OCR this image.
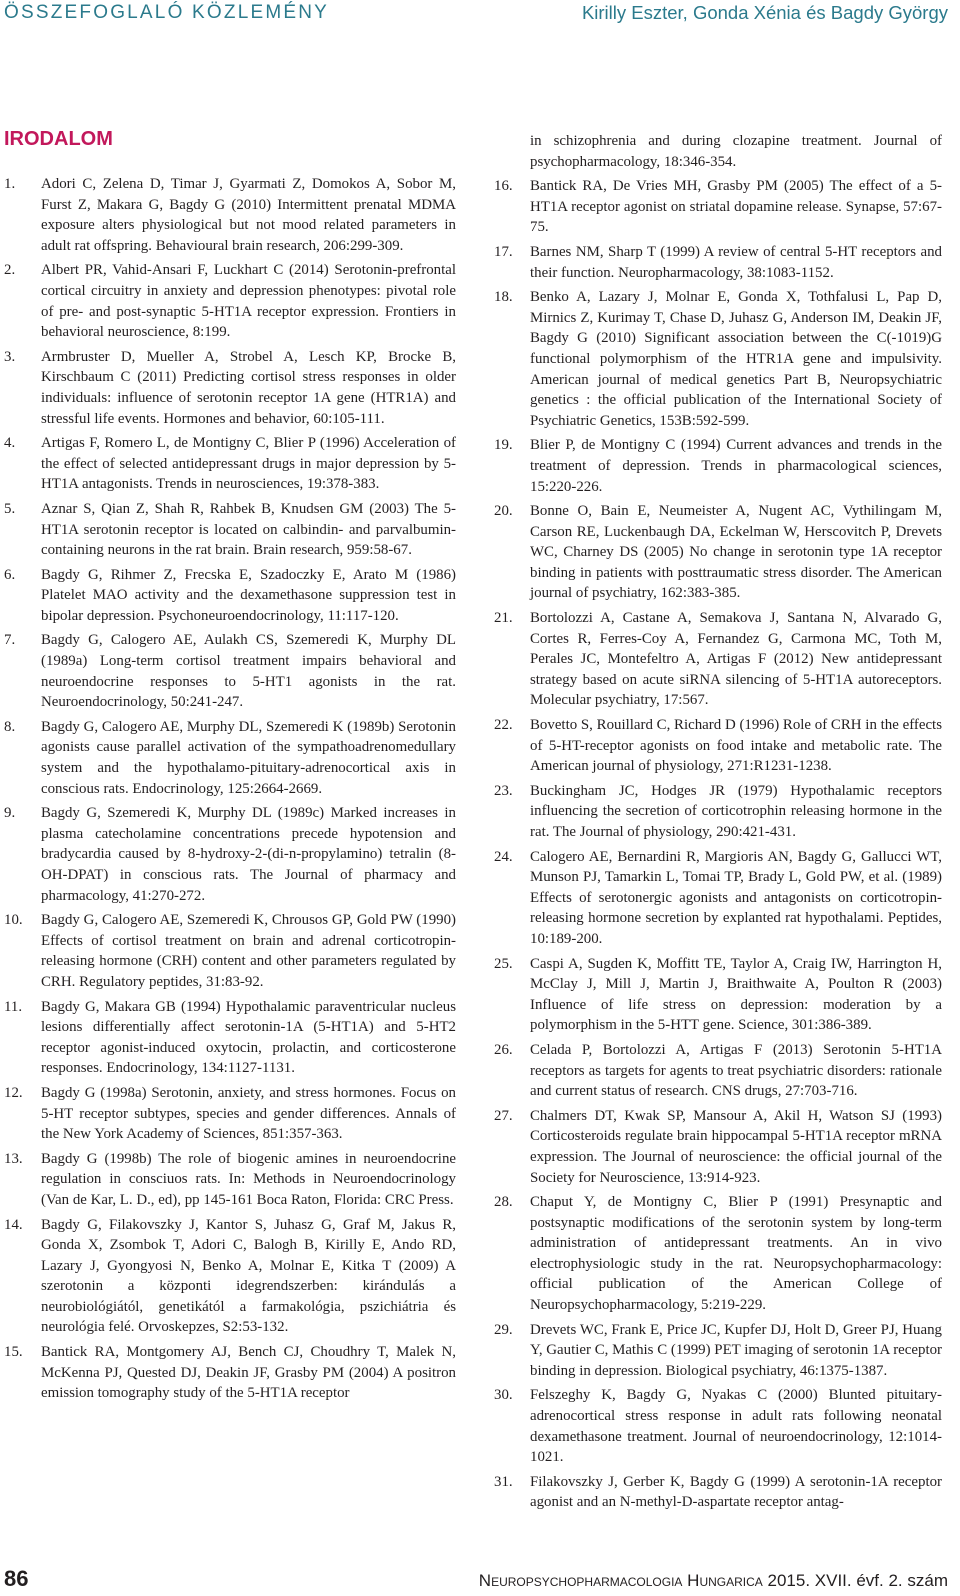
ÖSSZEFOGLALÓ KÖZLEMÉNY	Kirilly Eszter, Gonda Xénia és Bagdy György
IRODALOM
1.	Adori C, Zelena D, Timar J, Gyarmati Z, Domokos A, Sobor M, Furst Z, Makara G, Bagdy G (2010) Intermittent prenatal MDMA exposure alters physiological but not mood related parameters in adult rat offspring. Behavioural brain research, 206:299-309.
2.	Albert PR, Vahid-Ansari F, Luckhart C (2014) Serotonin-prefrontal cortical circuitry in anxiety and depression phenotypes: pivotal role of pre- and post-synaptic 5-HT1A receptor expression. Frontiers in behavioral neuroscience, 8:199.
3.	Armbruster D, Mueller A, Strobel A, Lesch KP, Brocke B, Kirschbaum C (2011) Predicting cortisol stress responses in older individuals: influence of serotonin receptor 1A gene (HTR1A) and stressful life events. Hormones and behavior, 60:105-111.
4.	Artigas F, Romero L, de Montigny C, Blier P (1996) Acceleration of the effect of selected antidepressant drugs in major depression by 5-HT1A antagonists. Trends in neurosciences, 19:378-383.
5.	Aznar S, Qian Z, Shah R, Rahbek B, Knudsen GM (2003) The 5-HT1A serotonin receptor is located on calbindin- and parvalbumin-containing neurons in the rat brain. Brain research, 959:58-67.
6.	Bagdy G, Rihmer Z, Frecska E, Szadoczky E, Arato M (1986) Platelet MAO activity and the dexamethasone suppression test in bipolar depression. Psychoneuroendocrinology, 11:117-120.
7.	Bagdy G, Calogero AE, Aulakh CS, Szemeredi K, Murphy DL (1989a) Long-term cortisol treatment impairs behavioral and neuroendocrine responses to 5-HT1 agonists in the rat. Neuroendocrinology, 50:241-247.
8.	Bagdy G, Calogero AE, Murphy DL, Szemeredi K (1989b) Serotonin agonists cause parallel activation of the sympathoadrenomedullary system and the hypothalamo-pituitary-adrenocortical axis in conscious rats. Endocrinology, 125:2664-2669.
9.	Bagdy G, Szemeredi K, Murphy DL (1989c) Marked increases in plasma catecholamine concentrations precede hypotension and bradycardia caused by 8-hydroxy-2-(di-n-propylamino) tetralin (8-OH-DPAT) in conscious rats. The Journal of pharmacy and pharmacology, 41:270-272.
10.	Bagdy G, Calogero AE, Szemeredi K, Chrousos GP, Gold PW (1990) Effects of cortisol treatment on brain and adrenal corticotropin-releasing hormone (CRH) content and other parameters regulated by CRH. Regulatory peptides, 31:83-92.
11.	Bagdy G, Makara GB (1994) Hypothalamic paraventricular nucleus lesions differentially affect serotonin-1A (5-HT1A) and 5-HT2 receptor agonist-induced oxytocin, prolactin, and corticosterone responses. Endocrinology, 134:1127-1131.
12.	Bagdy G (1998a) Serotonin, anxiety, and stress hormones. Focus on 5-HT receptor subtypes, species and gender differences. Annals of the New York Academy of Sciences, 851:357-363.
13.	Bagdy G (1998b) The role of biogenic amines in neuroendocrine regulation in consciuos rats. In: Methods in Neuroendocrinology (Van de Kar, L. D., ed), pp 145-161 Boca Raton, Florida: CRC Press.
14.	Bagdy G, Filakovszky J, Kantor S, Juhasz G, Graf M, Jakus R, Gonda X, Zsombok T, Adori C, Balogh B, Kirilly E, Ando RD, Lazary J, Gyongyosi N, Benko A, Molnar E, Kitka T (2009) A szerotonin a központi idegrendszerben: kirándulás a neurobiológiától, genetikától a farmakológia, pszichiátria és neurológia felé. Orvoskepzes, S2:53-132.
15.	Bantick RA, Montgomery AJ, Bench CJ, Choudhry T, Malek N, McKenna PJ, Quested DJ, Deakin JF, Grasby PM (2004) A positron emission tomography study of the 5-HT1A receptor
in schizophrenia and during clozapine treatment. Journal of psychopharmacology, 18:346-354.
16.	Bantick RA, De Vries MH, Grasby PM (2005) The effect of a 5-HT1A receptor agonist on striatal dopamine release. Synapse, 57:67-75.
17.	Barnes NM, Sharp T (1999) A review of central 5-HT receptors and their function. Neuropharmacology, 38:1083-1152.
18.	Benko A, Lazary J, Molnar E, Gonda X, Tothfalusi L, Pap D, Mirnics Z, Kurimay T, Chase D, Juhasz G, Anderson IM, Deakin JF, Bagdy G (2010) Significant association between the C(-1019)G functional polymorphism of the HTR1A gene and impulsivity. American journal of medical genetics Part B, Neuropsychiatric genetics : the official publication of the International Society of Psychiatric Genetics, 153B:592-599.
19.	Blier P, de Montigny C (1994) Current advances and trends in the treatment of depression. Trends in pharmacological sciences, 15:220-226.
20.	Bonne O, Bain E, Neumeister A, Nugent AC, Vythilingam M, Carson RE, Luckenbaugh DA, Eckelman W, Herscovitch P, Drevets WC, Charney DS (2005) No change in serotonin type 1A receptor binding in patients with posttraumatic stress disorder. The American journal of psychiatry, 162:383-385.
21.	Bortolozzi A, Castane A, Semakova J, Santana N, Alvarado G, Cortes R, Ferres-Coy A, Fernandez G, Carmona MC, Toth M, Perales JC, Montefeltro A, Artigas F (2012) New antidepressant strategy based on acute siRNA silencing of 5-HT1A autoreceptors. Molecular psychiatry, 17:567.
22.	Bovetto S, Rouillard C, Richard D (1996) Role of CRH in the effects of 5-HT-receptor agonists on food intake and metabolic rate. The American journal of physiology, 271:R1231-1238.
23.	Buckingham JC, Hodges JR (1979) Hypothalamic receptors influencing the secretion of corticotrophin releasing hormone in the rat. The Journal of physiology, 290:421-431.
24.	Calogero AE, Bernardini R, Margioris AN, Bagdy G, Gallucci WT, Munson PJ, Tamarkin L, Tomai TP, Brady L, Gold PW, et al. (1989) Effects of serotonergic agonists and antagonists on corticotropin-releasing hormone secretion by explanted rat hypothalami. Peptides, 10:189-200.
25.	Caspi A, Sugden K, Moffitt TE, Taylor A, Craig IW, Harrington H, McClay J, Mill J, Martin J, Braithwaite A, Poulton R (2003) Influence of life stress on depression: moderation by a polymorphism in the 5-HTT gene. Science, 301:386-389.
26.	Celada P, Bortolozzi A, Artigas F (2013) Serotonin 5-HT1A receptors as targets for agents to treat psychiatric disorders: rationale and current status of research. CNS drugs, 27:703-716.
27.	Chalmers DT, Kwak SP, Mansour A, Akil H, Watson SJ (1993) Corticosteroids regulate brain hippocampal 5-HT1A receptor mRNA expression. The Journal of neuroscience: the official journal of the Society for Neuroscience, 13:914-923.
28.	Chaput Y, de Montigny C, Blier P (1991) Presynaptic and postsynaptic modifications of the serotonin system by long-term administration of antidepressant treatments. An in vivo electrophysiologic study in the rat. Neuropsychopharmacology: official publication of the American College of Neuropsychopharmacology, 5:219-229.
29.	Drevets WC, Frank E, Price JC, Kupfer DJ, Holt D, Greer PJ, Huang Y, Gautier C, Mathis C (1999) PET imaging of serotonin 1A receptor binding in depression. Biological psychiatry, 46:1375-1387.
30.	Felszeghy K, Bagdy G, Nyakas C (2000) Blunted pituitary-adrenocortical stress response in adult rats following neonatal dexamethasone treatment. Journal of neuroendocrinology, 12:1014-1021.
31.	Filakovszky J, Gerber K, Bagdy G (1999) A serotonin-1A receptor agonist and an N-methyl-D-aspartate receptor antag-
86	Neuropsychopharmacologia Hungarica 2015. XVII. évf. 2. szám
